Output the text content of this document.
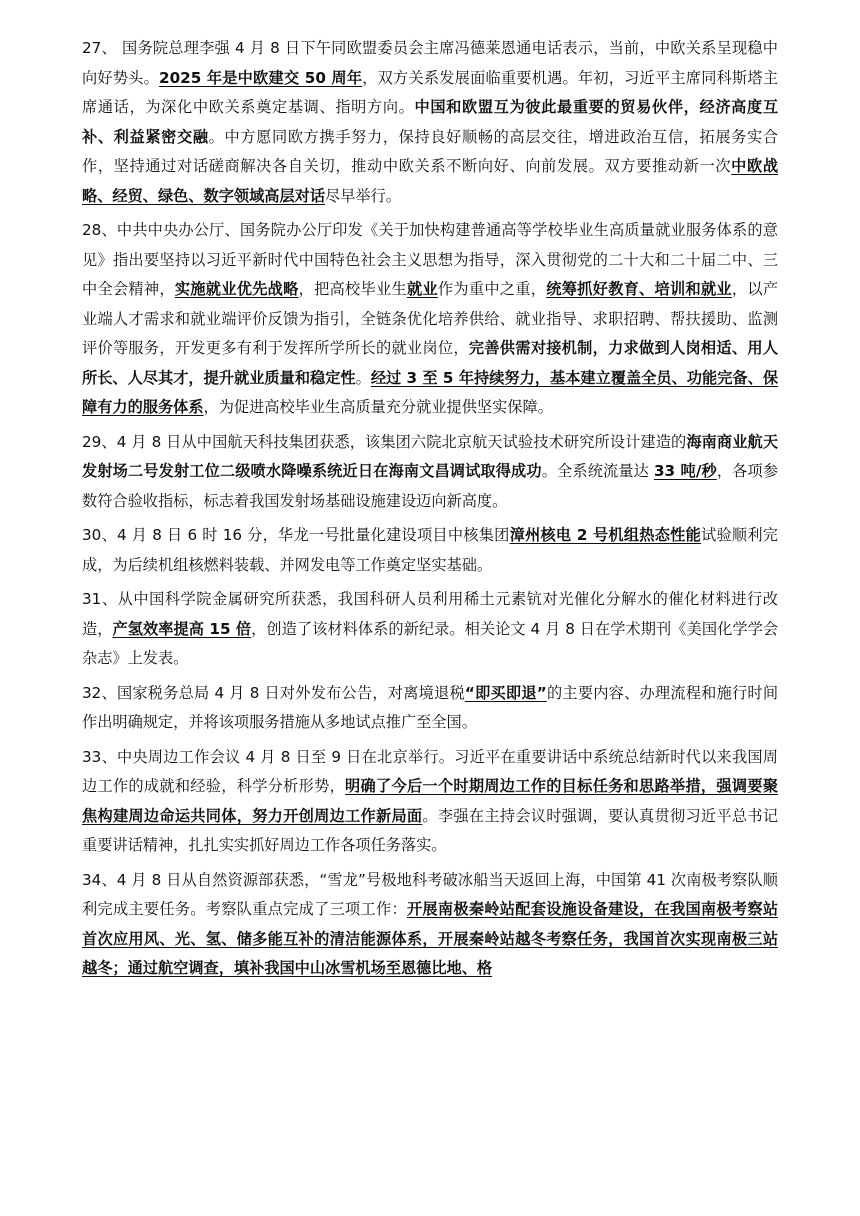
27、 国务院总理李强 4 月 8 日下午同欧盟委员会主席冯德莱恩通电话表示，当前，中欧关系呈现稳中向好势头。2025 年是中欧建交 50 周年，双方关系发展面临重要机遇。年初，习近平主席同科斯塔主席通话，为深化中欧关系奠定基调、指明方向。中国和欧盟互为彼此最重要的贸易伙伴，经济高度互补、利益紧密交融。中方愿同欧方携手努力，保持良好顺畅的高层交往，增进政治互信，拓展务实合作，坚持通过对话磋商解决各自关切，推动中欧关系不断向好、向前发展。双方要推动新一次中欧战略、经贸、绿色、数字领域高层对话尽早举行。

28、中共中央办公厅、国务院办公厅印发《关于加快构建普通高等学校毕业生高质量就业服务体系的意见》指出要坚持以习近平新时代中国特色社会主义思想为指导，深入贯彻党的二十大和二十届二中、三中全会精神，实施就业优先战略，把高校毕业生就业作为重中之重，统筹抓好教育、培训和就业，以产业端人才需求和就业端评价反馈为指引，全链条优化培养供给、就业指导、求职招聘、帮扶援助、监测评价等服务，开发更多有利于发挥所学所长的就业岗位，完善供需对接机制，力求做到人岗相适、用人所长、人尽其才，提升就业质量和稳定性。经过 3 至 5 年持续努力，基本建立覆盖全员、功能完备、保障有力的服务体系，为促进高校毕业生高质量充分就业提供坚实保障。

29、4 月 8 日从中国航天科技集团获悉，该集团六院北京航天试验技术研究所设计建造的海南商业航天发射场二号发射工位二级喷水降噪系统近日在海南文昌调试取得成功。全系统流量达 33 吨/秒，各项参数符合验收指标，标志着我国发射场基础设施建设迈向新高度。

30、4 月 8 日 6 时 16 分，华龙一号批量化建设项目中核集团漳州核电 2 号机组热态性能试验顺利完成，为后续机组核燃料装载、并网发电等工作奠定坚实基础。

31、从中国科学院金属研究所获悉，我国科研人员利用稀土元素钪对光催化分解水的催化材料进行改造，产氢效率提高 15 倍，创造了该材料体系的新纪录。相关论文 4 月 8 日在学术期刊《美国化学学会杂志》上发表。

32、国家税务总局 4 月 8 日对外发布公告，对离境退税“即买即退”的主要内容、办理流程和施行时间作出明确规定，并将该项服务措施从多地试点推广至全国。

33、中央周边工作会议 4 月 8 日至 9 日在北京举行。习近平在重要讲话中系统总结新时代以来我国周边工作的成就和经验，科学分析形势，明确了今后一个时期周边工作的目标任务和思路举措，强调要聚焦构建周边命运共同体，努力开创周边工作新局面。李强在主持会议时强调，要认真贯彻习近平总书记重要讲话精神，扎扎实实抓好周边工作各项任务落实。

34、4 月 8 日从自然资源部获悉，“雪龙”号极地科考破冰船当天返回上海，中国第 41 次南极考察队顺利完成主要任务。考察队重点完成了三项工作：开展南极秦岭站配套设施设备建设，在我国南极考察站首次应用风、光、氢、储多能互补的清洁能源体系，开展秦岭站越冬考察任务，我国首次实现南极三站越冬；通过航空调查，填补我国中山冰雪机场至恩德比地、格
